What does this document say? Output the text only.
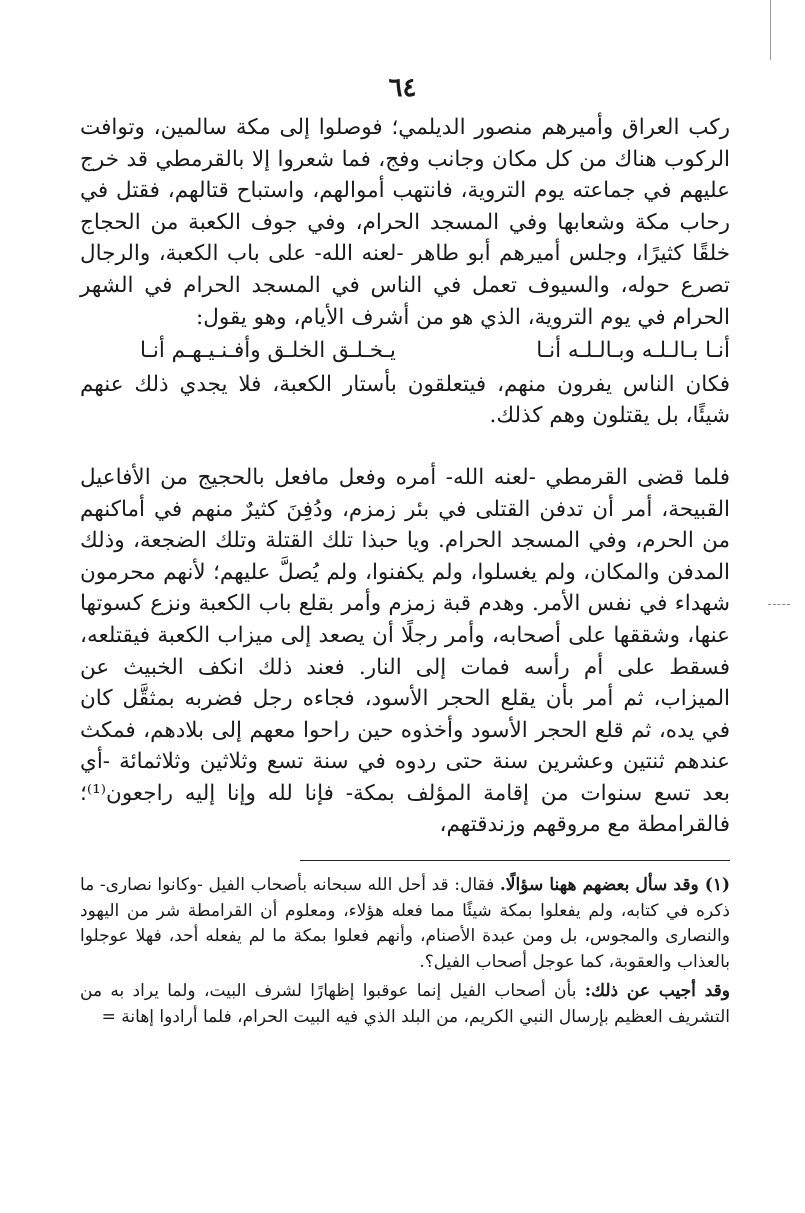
٦٤

ركب العراق وأميرهم منصور الديلمي؛ فوصلوا إلى مكة سالمين، وتوافت الركوب هناك من كل مكان وجانب وفج، فما شعروا إلا بالقرمطي قد خرج عليهم في جماعته يوم التروية، فانتهب أموالهم، واستباح قتالهم، فقتل في رحاب مكة وشعابها وفي المسجد الحرام، وفي جوف الكعبة من الحجاج خلقًا كثيرًا، وجلس أميرهم أبو طاهر -لعنه الله- على باب الكعبة، والرجال تصرع حوله، والسيوف تعمل في الناس في المسجد الحرام في الشهر الحرام في يوم التروية، الذي هو من أشرف الأيام، وهو يقول:

أنـا بـالـلـه وبـالـلـه أنـا
يـخـلـق الخلـق وأفـنـيـهـم أنـا

فكان الناس يفرون منهم، فيتعلقون بأستار الكعبة، فلا يجدي ذلك عنهم شيئًا، بل يقتلون وهم كذلك.

فلما قضى القرمطي -لعنه الله- أمره وفعل مافعل بالحجيج من الأفاعيل القبيحة، أمر أن تدفن القتلى في بئر زمزم، ودُفِنَ كثيرٌ منهم في أماكنهم من الحرم، وفي المسجد الحرام. ويا حبذا تلك القتلة وتلك الضجعة، وذلك المدفن والمكان، ولم يغسلوا، ولم يكفنوا، ولم يُصلَّ عليهم؛ لأنهم محرمون شهداء في نفس الأمر. وهدم قبة زمزم وأمر بقلع باب الكعبة ونزع كسوتها عنها، وشققها على أصحابه، وأمر رجلًا أن يصعد إلى ميزاب الكعبة فيقتلعه، فسقط على أم رأسه فمات إلى النار. فعند ذلك انكف الخبيث عن الميزاب، ثم أمر بأن يقلع الحجر الأسود، فجاءه رجل فضربه بمثقَّل كان في يده، ثم قلع الحجر الأسود وأخذوه حين راحوا معهم إلى بلادهم، فمكث عندهم ثنتين وعشرين سنة حتى ردوه في سنة تسع وثلاثين وثلاثمائة -أي بعد تسع سنوات من إقامة المؤلف بمكة- فإنا لله وإنا إليه راجعون⁽¹⁾؛ فالقرامطة مع مروقهم وزندقتهم،

(١) وقد سأل بعضهم ههنا سؤالًا. فقال: قد أحل الله سبحانه بأصحاب الفيل -وكانوا نصارى- ما ذكره في كتابه، ولم يفعلوا بمكة شيئًا مما فعله هؤلاء، ومعلوم أن القرامطة شر من اليهود والنصارى والمجوس، بل ومن عبدة الأصنام، وأنهم فعلوا بمكة ما لم يفعله أحد، فهلا عوجلوا بالعذاب والعقوبة، كما عوجل أصحاب الفيل؟.

وقد أجيب عن ذلك: بأن أصحاب الفيل إنما عوقبوا إظهارًا لشرف البيت، ولما يراد به من التشريف العظيم بإرسال النبي الكريم، من البلد الذي فيه البيت الحرام، فلما أرادوا إهانة =
